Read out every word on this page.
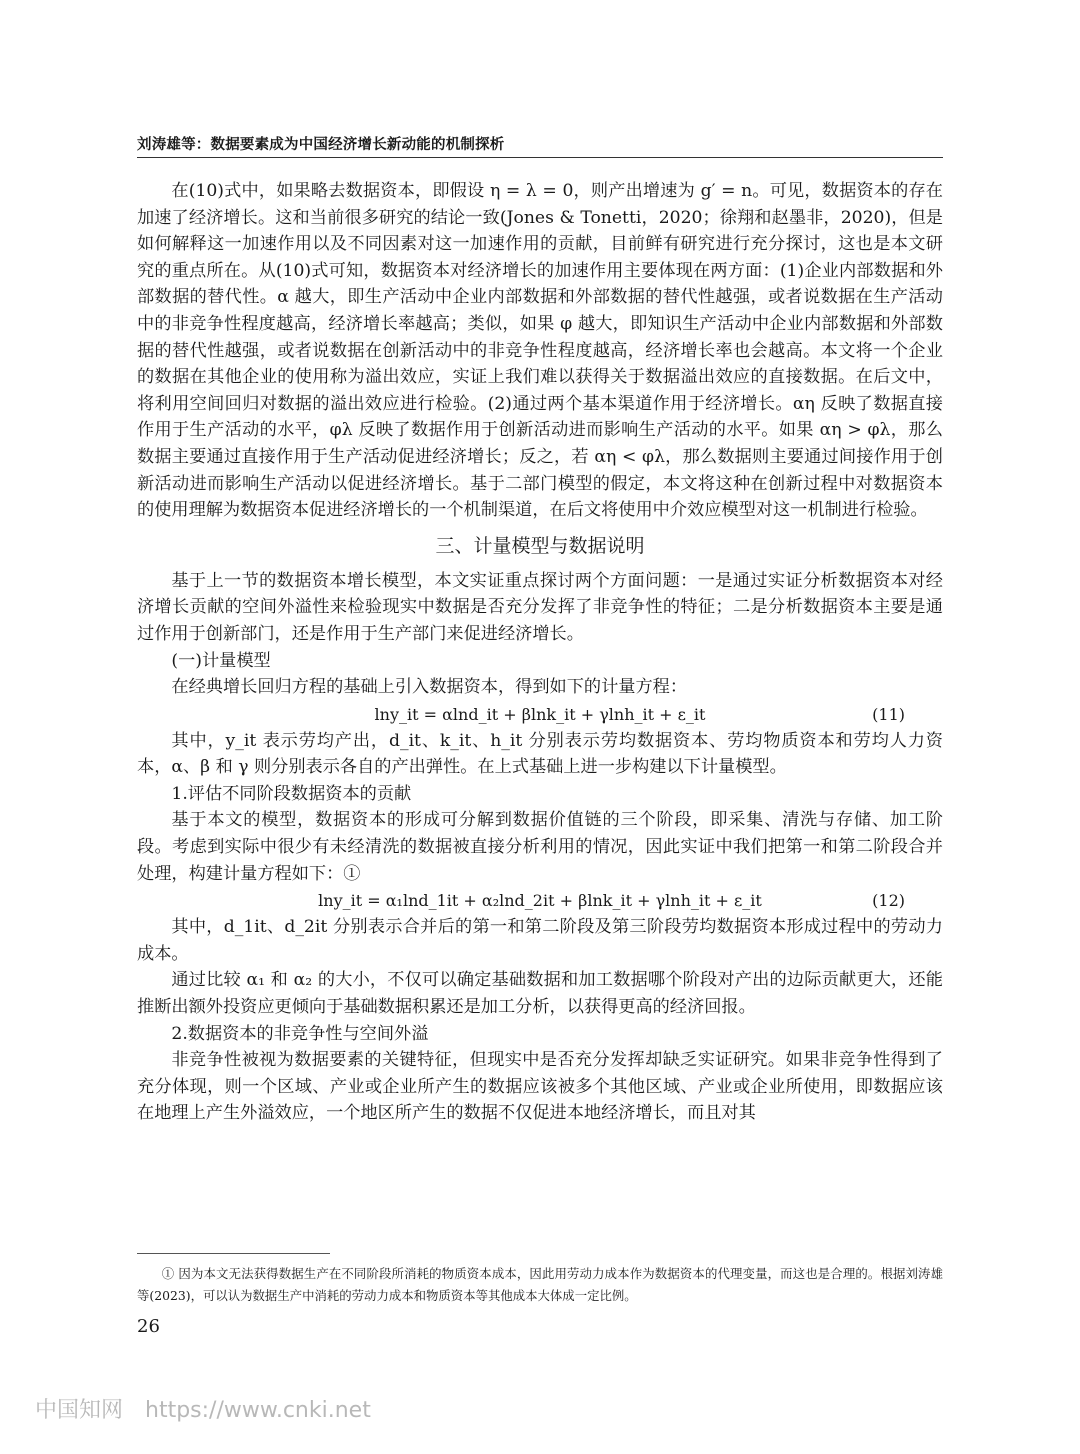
刘涛雄等：数据要素成为中国经济增长新动能的机制探析

在(10)式中，如果略去数据资本，即假设 η = λ = 0，则产出增速为 g′ = n。可见，数据资本的存在加速了经济增长。这和当前很多研究的结论一致(Jones & Tonetti，2020；徐翔和赵墨非，2020)，但是如何解释这一加速作用以及不同因素对这一加速作用的贡献，目前鲜有研究进行充分探讨，这也是本文研究的重点所在。从(10)式可知，数据资本对经济增长的加速作用主要体现在两方面：(1)企业内部数据和外部数据的替代性。α 越大，即生产活动中企业内部数据和外部数据的替代性越强，或者说数据在生产活动中的非竞争性程度越高，经济增长率越高；类似，如果 φ 越大，即知识生产活动中企业内部数据和外部数据的替代性越强，或者说数据在创新活动中的非竞争性程度越高，经济增长率也会越高。本文将一个企业的数据在其他企业的使用称为溢出效应，实证上我们难以获得关于数据溢出效应的直接数据。在后文中，将利用空间回归对数据的溢出效应进行检验。(2)通过两个基本渠道作用于经济增长。αη 反映了数据直接作用于生产活动的水平，φλ 反映了数据作用于创新活动进而影响生产活动的水平。如果 αη > φλ，那么数据主要通过直接作用于生产活动促进经济增长；反之，若 αη < φλ，那么数据则主要通过间接作用于创新活动进而影响生产活动以促进经济增长。基于二部门模型的假定，本文将这种在创新过程中对数据资本的使用理解为数据资本促进经济增长的一个机制渠道，在后文将使用中介效应模型对这一机制进行检验。

三、计量模型与数据说明

基于上一节的数据资本增长模型，本文实证重点探讨两个方面问题：一是通过实证分析数据资本对经济增长贡献的空间外溢性来检验现实中数据是否充分发挥了非竞争性的特征；二是分析数据资本主要是通过作用于创新部门，还是作用于生产部门来促进经济增长。

(一)计量模型

在经典增长回归方程的基础上引入数据资本，得到如下的计量方程：

lny_it = αlnd_it + βlnk_it + γlnh_it + ε_it	(11)

其中，y_it 表示劳均产出，d_it、k_it、h_it 分别表示劳均数据资本、劳均物质资本和劳均人力资本，α、β 和 γ 则分别表示各自的产出弹性。在上式基础上进一步构建以下计量模型。

1.评估不同阶段数据资本的贡献

基于本文的模型，数据资本的形成可分解到数据价值链的三个阶段，即采集、清洗与存储、加工阶段。考虑到实际中很少有未经清洗的数据被直接分析利用的情况，因此实证中我们把第一和第二阶段合并处理，构建计量方程如下：①

lny_it = α₁lnd_1it + α₂lnd_2it + βlnk_it + γlnh_it + ε_it	(12)

其中，d_1it、d_2it 分别表示合并后的第一和第二阶段及第三阶段劳均数据资本形成过程中的劳动力成本。

通过比较 α₁ 和 α₂ 的大小，不仅可以确定基础数据和加工数据哪个阶段对产出的边际贡献更大，还能推断出额外投资应更倾向于基础数据积累还是加工分析，以获得更高的经济回报。

2.数据资本的非竞争性与空间外溢

非竞争性被视为数据要素的关键特征，但现实中是否充分发挥却缺乏实证研究。如果非竞争性得到了充分体现，则一个区域、产业或企业所产生的数据应该被多个其他区域、产业或企业所使用，即数据应该在地理上产生外溢效应，一个地区所产生的数据不仅促进本地经济增长，而且对其

① 因为本文无法获得数据生产在不同阶段所消耗的物质资本成本，因此用劳动力成本作为数据资本的代理变量，而这也是合理的。根据刘涛雄等(2023)，可以认为数据生产中消耗的劳动力成本和物质资本等其他成本大体成一定比例。
26
中国知网 https://www.cnki.net
